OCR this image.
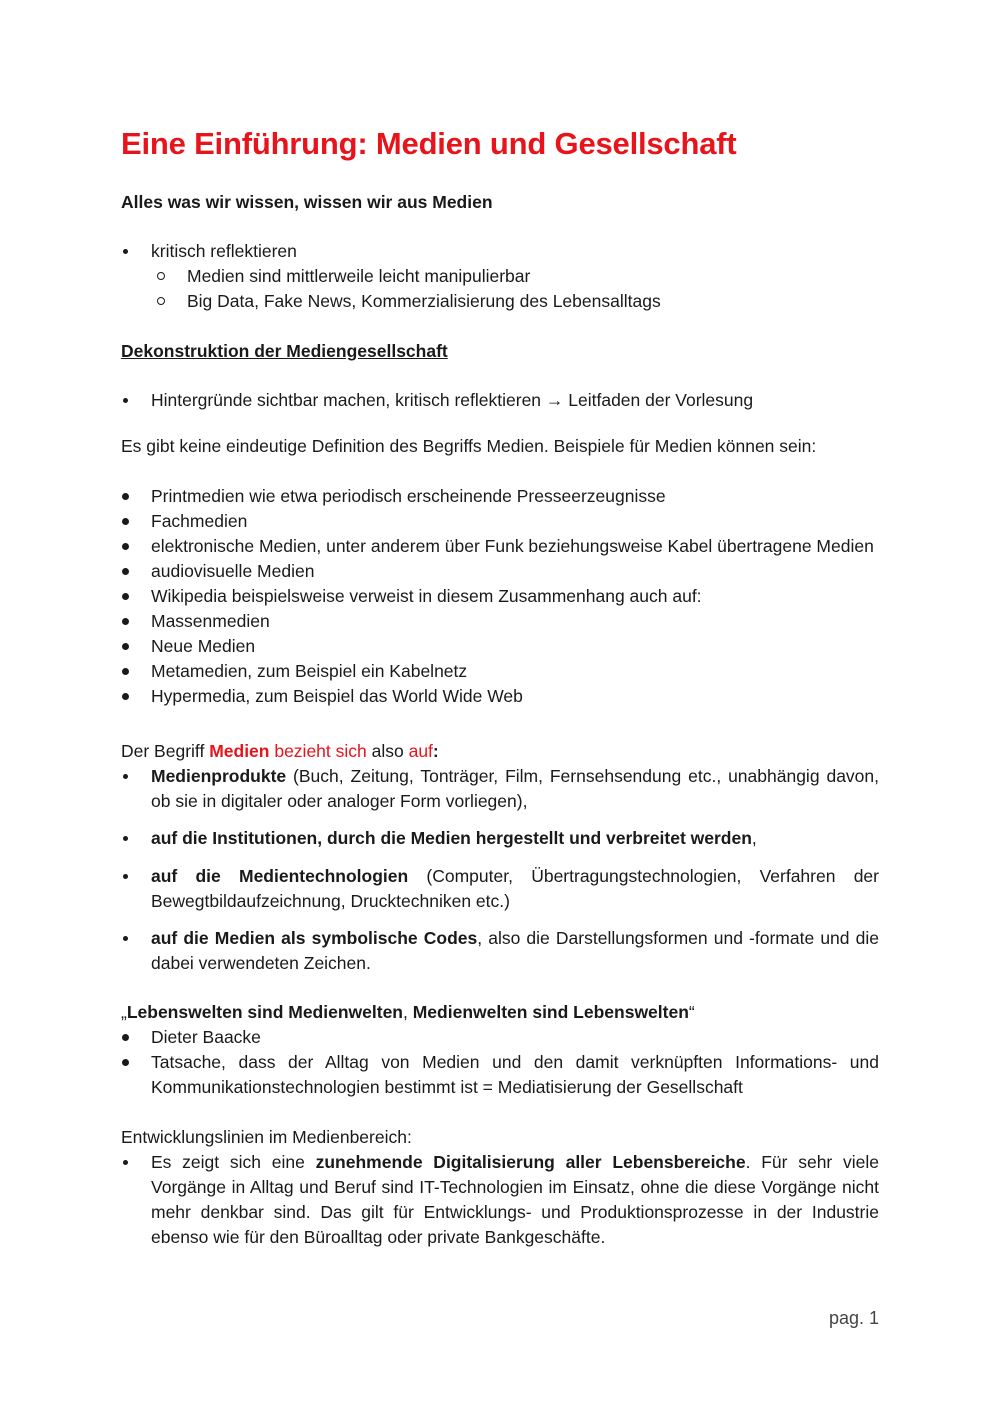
Eine Einführung: Medien und Gesellschaft

Alles was wir wissen, wissen wir aus Medien

kritisch reflektieren
Medien sind mittlerweile leicht manipulierbar
Big Data, Fake News, Kommerzialisierung des Lebensalltags

Dekonstruktion der Mediengesellschaft

Hintergründe sichtbar machen, kritisch reflektieren → Leitfaden der Vorlesung

Es gibt keine eindeutige Definition des Begriffs Medien. Beispiele für Medien können sein:

Printmedien wie etwa periodisch erscheinende Presseerzeugnisse
Fachmedien
elektronische Medien, unter anderem über Funk beziehungsweise Kabel übertragene Medien
audiovisuelle Medien
Wikipedia beispielsweise verweist in diesem Zusammenhang auch auf:
Massenmedien
Neue Medien
Metamedien, zum Beispiel ein Kabelnetz
Hypermedia, zum Beispiel das World Wide Web

Der Begriff Medien bezieht sich also auf:

Medienprodukte (Buch, Zeitung, Tonträger, Film, Fernsehsendung etc., unabhängig davon, ob sie in digitaler oder analoger Form vorliegen),
auf die Institutionen, durch die Medien hergestellt und verbreitet werden,
auf die Medientechnologien (Computer, Übertragungstechnologien, Verfahren der Bewegtbildaufzeichnung, Drucktechniken etc.)
auf die Medien als symbolische Codes, also die Darstellungsformen und -formate und die dabei verwendeten Zeichen.

„Lebenswelten sind Medienwelten, Medienwelten sind Lebenswelten“

Dieter Baacke
Tatsache, dass der Alltag von Medien und den damit verknüpften Informations- und Kommunikationstechnologien bestimmt ist = Mediatisierung der Gesellschaft

Entwicklungslinien im Medienbereich:

Es zeigt sich eine zunehmende Digitalisierung aller Lebensbereiche. Für sehr viele Vorgänge in Alltag und Beruf sind IT-Technologien im Einsatz, ohne die diese Vorgänge nicht mehr denkbar sind. Das gilt für Entwicklungs- und Produktionsprozesse in der Industrie ebenso wie für den Büroalltag oder private Bankgeschäfte.
pag. 1
